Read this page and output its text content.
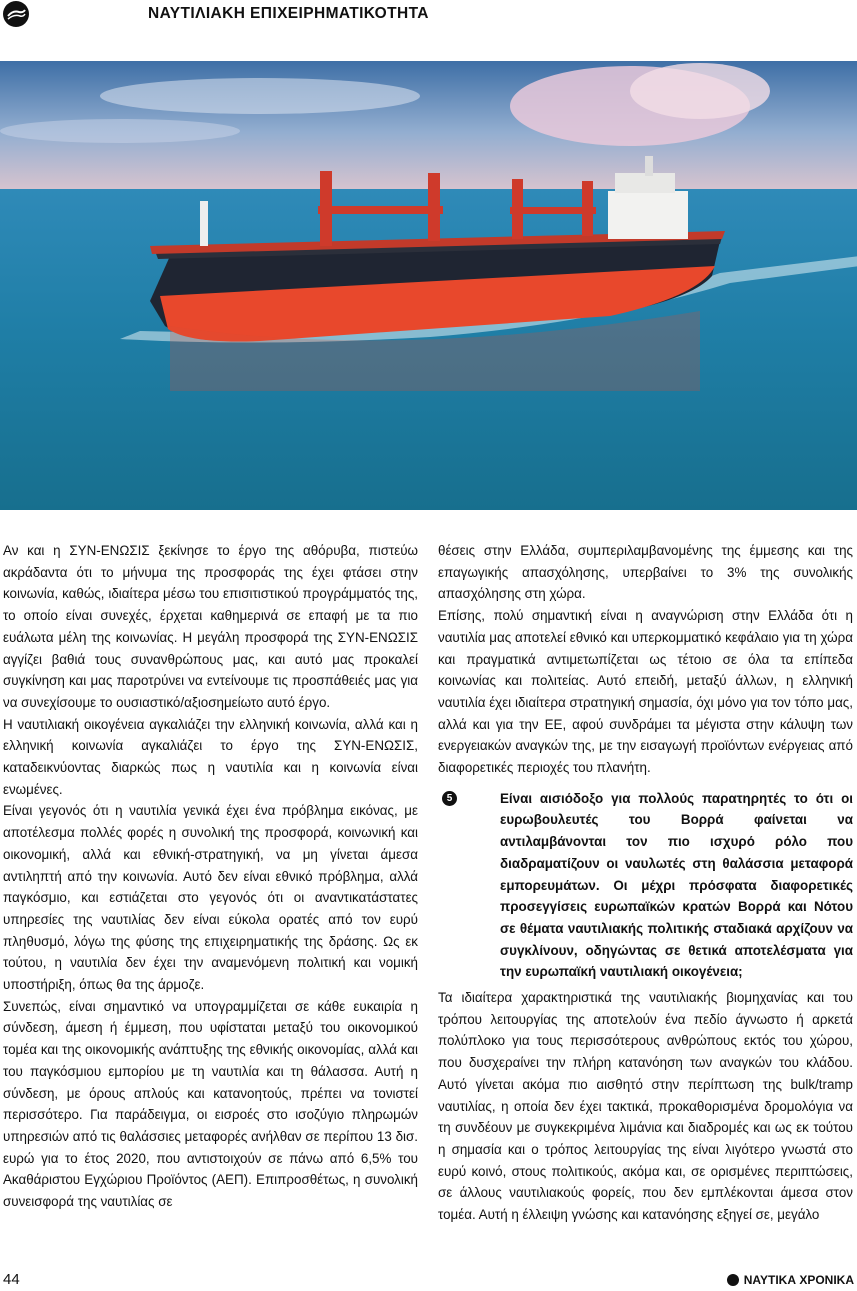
ΝΑΥΤΙΛΙΑΚΗ ΕΠΙΧΕΙΡΗΜΑΤΙΚΟΤΗΤΑ

Αν και η ΣΥΝ-ΕΝΩΣΙΣ ξεκίνησε το έργο της αθόρυβα, πιστεύω ακράδαντα ότι το μήνυμα της προσφοράς της έχει φτάσει στην κοινωνία, καθώς, ιδιαίτερα μέσω του επισιτιστικού προγράμματός της, το οποίο είναι συνεχές, έρχεται καθημερινά σε επαφή με τα πιο ευάλωτα μέλη της κοινωνίας. Η μεγάλη προσφορά της ΣΥΝ-ΕΝΩΣΙΣ αγγίζει βαθιά τους συνανθρώπους μας, και αυτό μας προκαλεί συγκίνηση και μας παροτρύνει να εντείνουμε τις προσπάθειές μας για να συνεχίσουμε το ουσιαστικό/αξιοσημείωτο αυτό έργο.

Η ναυτιλιακή οικογένεια αγκαλιάζει την ελληνική κοινωνία, αλλά και η ελληνική κοινωνία αγκαλιάζει το έργο της ΣΥΝ-ΕΝΩΣΙΣ, καταδεικνύοντας διαρκώς πως η ναυτιλία και η κοινωνία είναι ενωμένες.

Είναι γεγονός ότι η ναυτιλία γενικά έχει ένα πρόβλημα εικόνας, με αποτέλεσμα πολλές φορές η συνολική της προσφορά, κοινωνική και οικονομική, αλλά και εθνική-στρατηγική, να μη γίνεται άμεσα αντιληπτή από την κοινωνία. Αυτό δεν είναι εθνικό πρόβλημα, αλλά παγκόσμιο, και εστιάζεται στο γεγονός ότι οι αναντικατάστατες υπηρεσίες της ναυτιλίας δεν είναι εύκολα ορατές από τον ευρύ πληθυσμό, λόγω της φύσης της επιχειρηματικής της δράσης. Ως εκ τούτου, η ναυτιλία δεν έχει την αναμενόμενη πολιτική και νομική υποστήριξη, όπως θα της άρμοζε.

Συνεπώς, είναι σημαντικό να υπογραμμίζεται σε κάθε ευκαιρία η σύνδεση, άμεση ή έμμεση, που υφίσταται μεταξύ του οικονομικού τομέα και της οικονομικής ανάπτυξης της εθνικής οικονομίας, αλλά και του παγκόσμιου εμπορίου με τη ναυτιλία και τη θάλασσα. Αυτή η σύνδεση, με όρους απλούς και κατανοητούς, πρέπει να τονιστεί περισσότερο. Για παράδειγμα, οι εισροές στο ισοζύγιο πληρωμών υπηρεσιών από τις θαλάσσιες μεταφορές ανήλθαν σε περίπου 13 δισ. ευρώ για το έτος 2020, που αντιστοιχούν σε πάνω από 6,5% του Ακαθάριστου Εγχώριου Προϊόντος (ΑΕΠ). Επιπροσθέτως, η συνολική συνεισφορά της ναυτιλίας σε

θέσεις στην Ελλάδα, συμπεριλαμβανομένης της έμμεσης και της επαγωγικής απασχόλησης, υπερβαίνει το 3% της συνολικής απασχόλησης στη χώρα.

Επίσης, πολύ σημαντική είναι η αναγνώριση στην Ελλάδα ότι η ναυτιλία μας αποτελεί εθνικό και υπερκομματικό κεφάλαιο για τη χώρα και πραγματικά αντιμετωπίζεται ως τέτοιο σε όλα τα επίπεδα κοινωνίας και πολιτείας. Αυτό επειδή, μεταξύ άλλων, η ελληνική ναυτιλία έχει ιδιαίτερα στρατηγική σημασία, όχι μόνο για τον τόπο μας, αλλά και για την ΕΕ, αφού συνδράμει τα μέγιστα στην κάλυψη των ενεργειακών αναγκών της, με την εισαγωγή προϊόντων ενέργειας από διαφορετικές περιοχές του πλανήτη.

5	Είναι αισιόδοξο για πολλούς παρατηρητές το ότι οι ευρωβουλευτές του Βορρά φαίνεται να αντιλαμβάνονται τον πιο ισχυρό ρόλο που διαδραματίζουν οι ναυλωτές στη θαλάσσια μεταφορά εμπορευμάτων. Οι μέχρι πρόσφατα διαφορετικές προσεγγίσεις ευρωπαϊκών κρατών Βορρά και Νότου σε θέματα ναυτιλιακής πολιτικής σταδιακά αρχίζουν να συγκλίνουν, οδηγώντας σε θετικά αποτελέσματα για την ευρωπαϊκή ναυτιλιακή οικογένεια;

Τα ιδιαίτερα χαρακτηριστικά της ναυτιλιακής βιομηχανίας και του τρόπου λειτουργίας της αποτελούν ένα πεδίο άγνωστο ή αρκετά πολύπλοκο για τους περισσότερους ανθρώπους εκτός του χώρου, που δυσχεραίνει την πλήρη κατανόηση των αναγκών του κλάδου. Αυτό γίνεται ακόμα πιο αισθητό στην περίπτωση της bulk/tramp ναυτιλίας, η οποία δεν έχει τακτικά, προκαθορισμένα δρομολόγια να τη συνδέουν με συγκεκριμένα λιμάνια και διαδρομές και ως εκ τούτου η σημασία και ο τρόπος λειτουργίας της είναι λιγότερο γνωστά στο ευρύ κοινό, στους πολιτικούς, ακόμα και, σε ορισμένες περιπτώσεις, σε άλλους ναυτιλιακούς φορείς, που δεν εμπλέκονται άμεσα στον τομέα. Αυτή η έλλειψη γνώσης και κατανόησης εξηγεί σε, μεγάλο

44	ΝΑΥΤΙΚΑ ΧΡΟΝΙΚΑ
